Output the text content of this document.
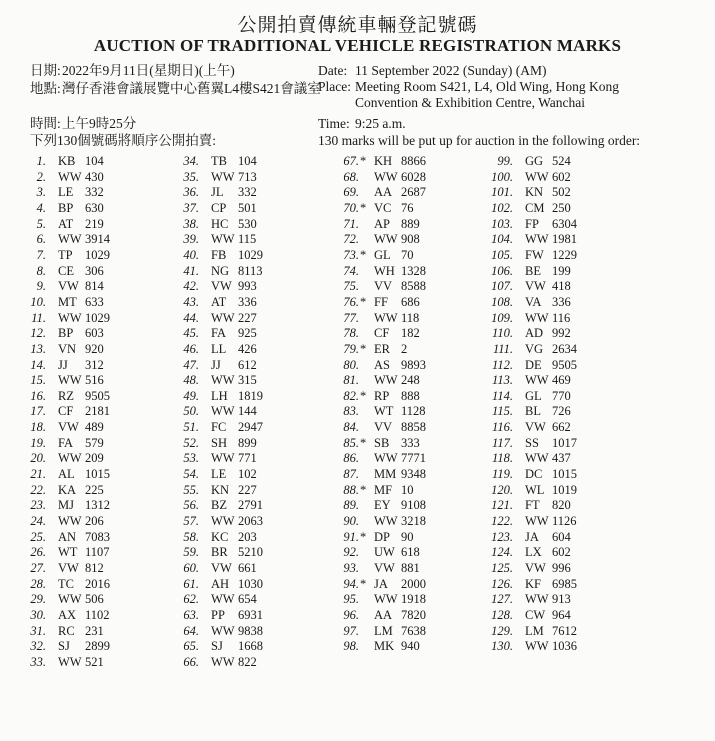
公開拍賣傳統車輛登記號碼
AUCTION OF TRADITIONAL VEHICLE REGISTRATION MARKS
日期:2022年9月11日(星期日)(上午)
地點:灣仔香港會議展覽中心舊翼L4樓S421會議室
時間:上午9時25分
下列130個號碼將順序公開拍賣:
Date: 11 September 2022 (Sunday) (AM)
Place: Meeting Room S421, L4, Old Wing, Hong Kong
Convention & Exhibition Centre, Wanchai
Time: 9:25 a.m.
130 marks will be put up for auction in the following order:
1. KB 104
2. WW 430
3. LE 332
4. BP 630
5. AT 219
6. WW 3914
7. TP 1029
8. CE 306
9. VW 814
10. MT 633
11. WW 1029
12. BP 603
13. VN 920
14. JJ 312
15. WW 516
16. RZ 9505
17. CF 2181
18. VW 489
19. FA 579
20. WW 209
21. AL 1015
22. KA 225
23. MJ 1312
24. WW 206
25. AN 7083
26. WT 1107
27. VW 812
28. TC 2016
29. WW 506
30. AX 1102
31. RC 231
32. SJ 2899
33. WW 521
34. TB 104
35. WW 713
36. JL 332
37. CP 501
38. HC 530
39. WW 115
40. FB 1029
41. NG 8113
42. VW 993
43. AT 336
44. WW 227
45. FA 925
46. LL 426
47. JJ 612
48. WW 315
49. LH 1819
50. WW 144
51. FC 2947
52. SH 899
53. WW 771
54. LE 102
55. KN 227
56. BZ 2791
57. WW 2063
58. KC 203
59. BR 5210
60. VW 661
61. AH 1030
62. WW 654
63. PP 6931
64. WW 9838
65. SJ 1668
66. WW 822
67.* KH 8866
68. WW 6028
69. AA 2687
70.* VC 76
71. AP 889
72. WW 908
73.* GL 70
74. WH 1328
75. VV 8588
76.* FF 686
77. WW 118
78. CF 182
79.* ER 2
80. AS 9893
81. WW 248
82.* RP 888
83. WT 1128
84. VV 8858
85.* SB 333
86. WW 7771
87. MM 9348
88.* MF 10
89. EY 9108
90. WW 3218
91.* DP 90
92. UW 618
93. VW 881
94.* JA 2000
95. WW 1918
96. AA 7820
97. LM 7638
98. MK 940
99. GG 524
100. WW 602
101. KN 502
102. CM 250
103. FP 6304
104. WW 1981
105. FW 1229
106. BE 199
107. VW 418
108. VA 336
109. WW 116
110. AD 992
111. VG 2634
112. DE 9505
113. WW 469
114. GL 770
115. BL 726
116. VW 662
117. SS 1017
118. WW 437
119. DC 1015
120. WL 1019
121. FT 820
122. WW 1126
123. JA 604
124. LX 602
125. VW 996
126. KF 6985
127. WW 913
128. CW 964
129. LM 7612
130. WW 1036
